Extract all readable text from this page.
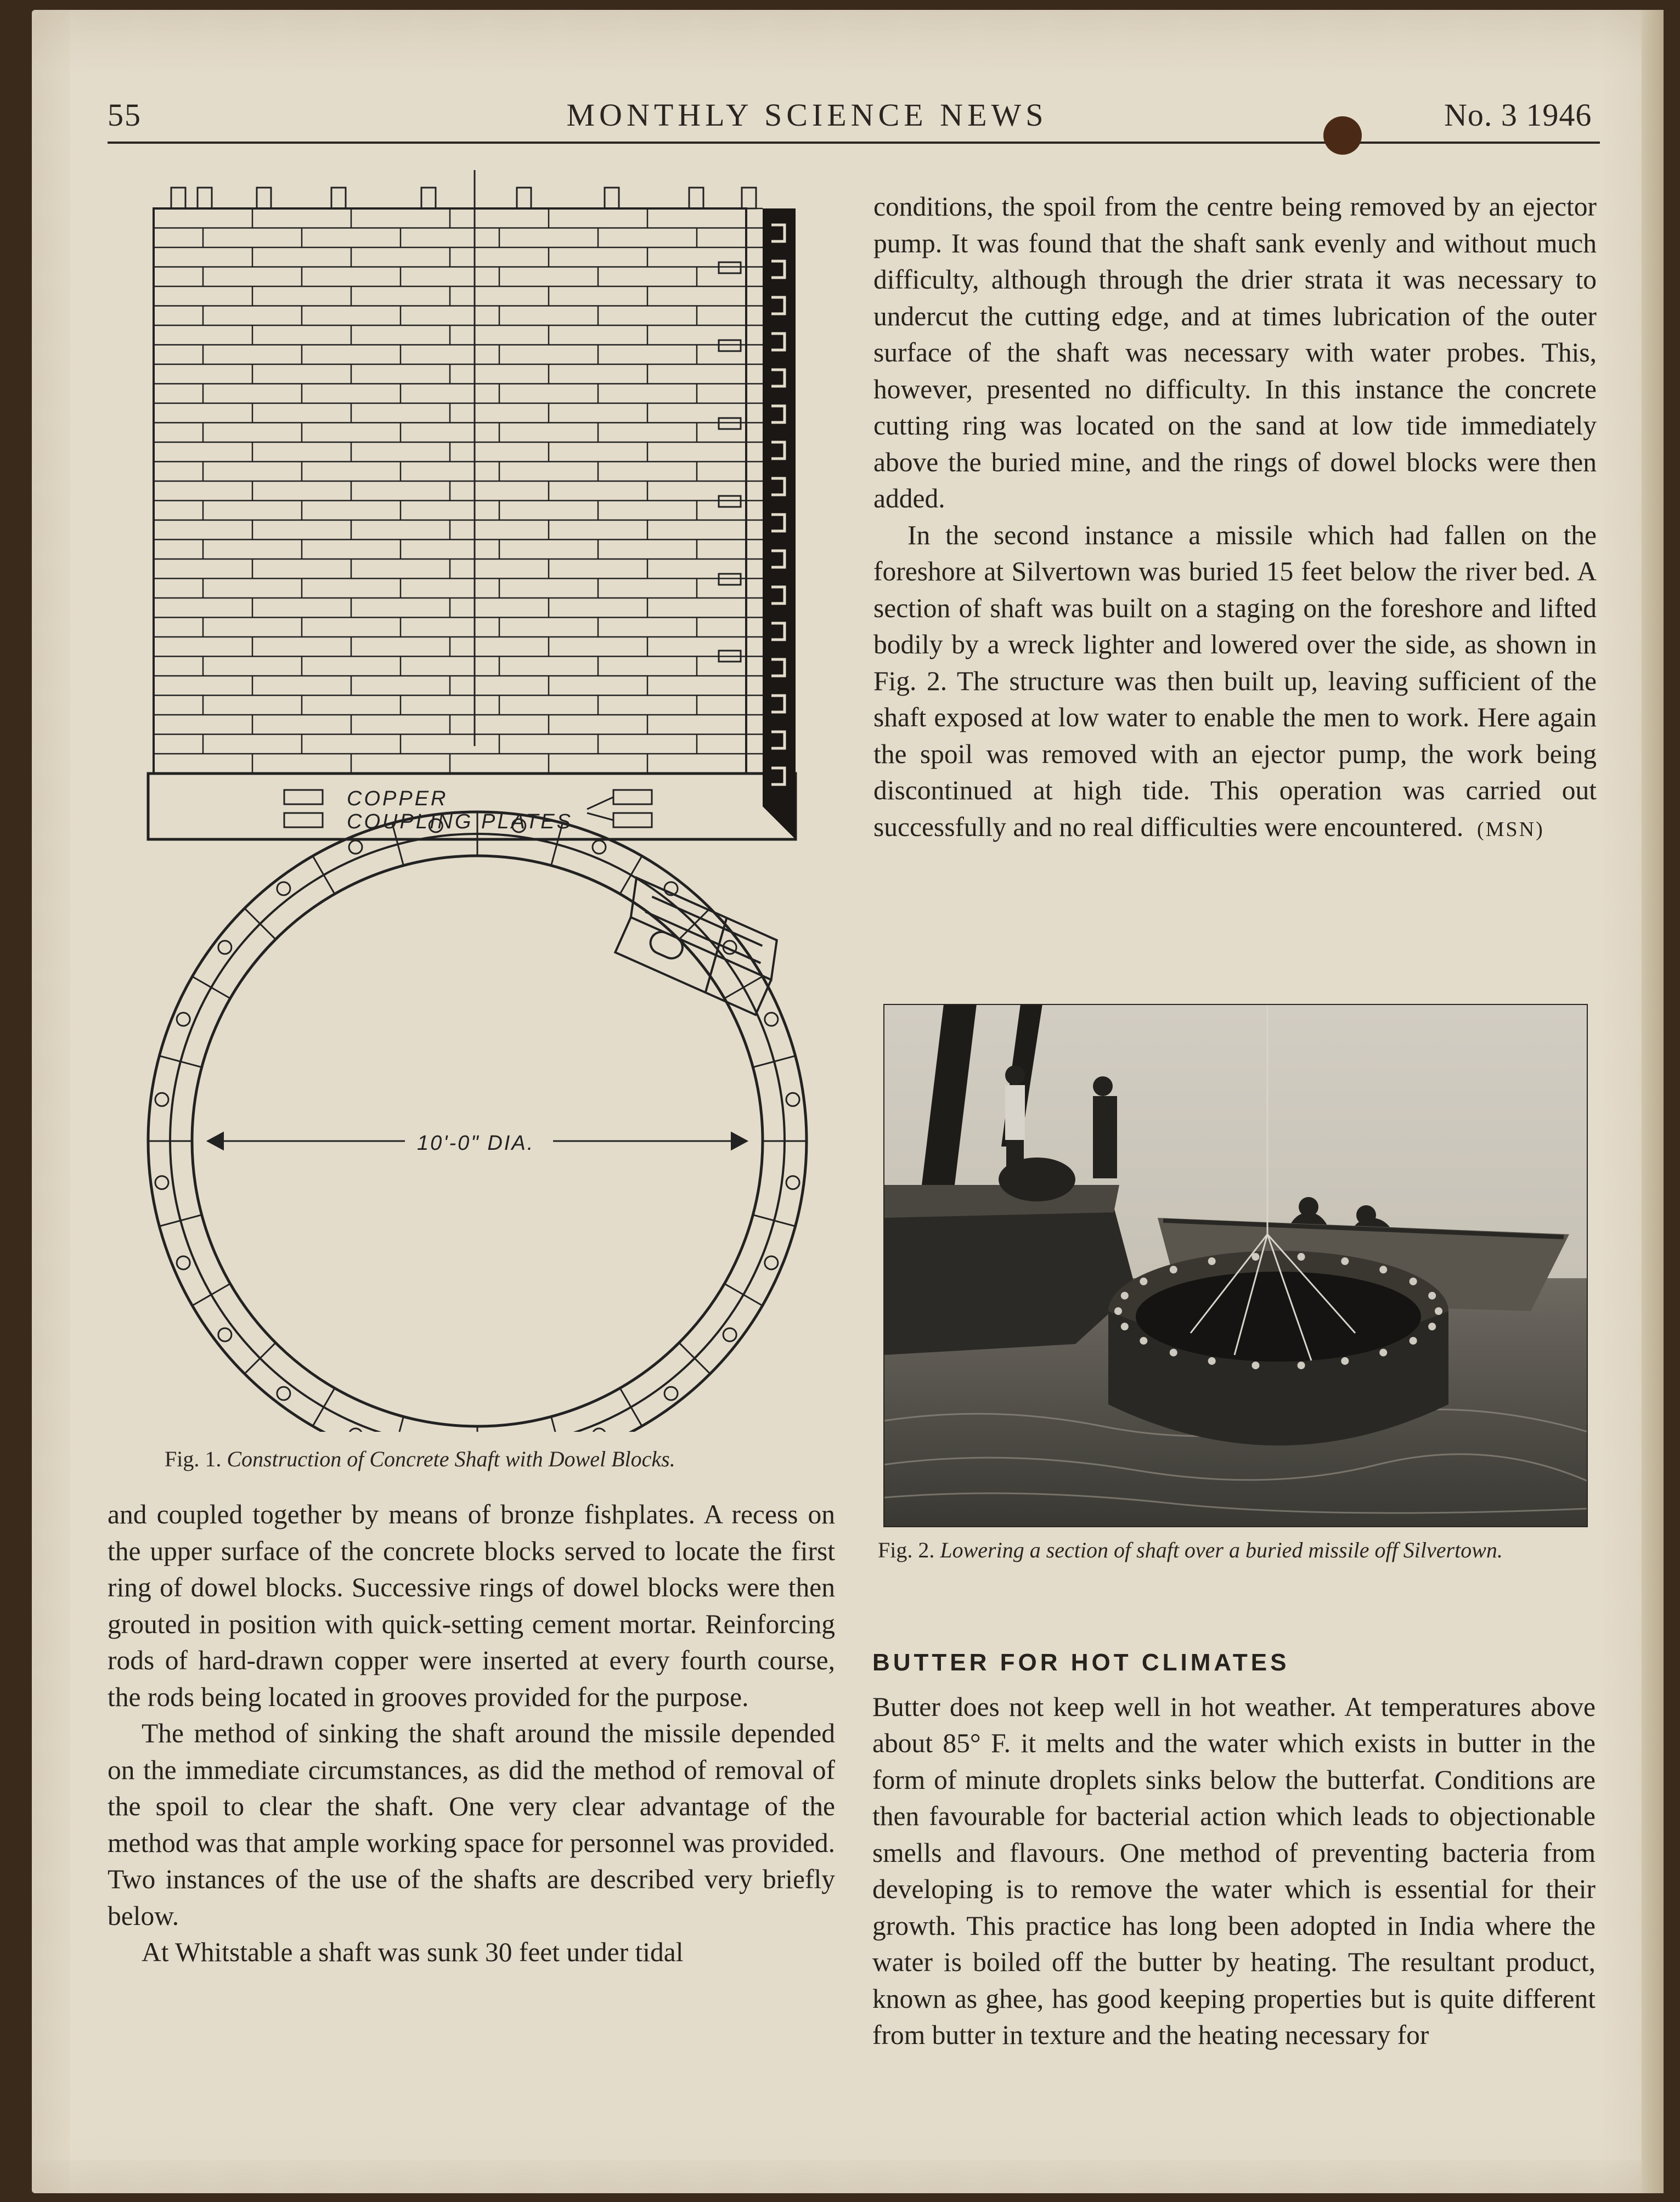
55	MONTHLY SCIENCE NEWS	No. 3 1946
COPPER
COUPLING PLATES
10'-0" DIA.
Fig. 1. Construction of Concrete Shaft with Dowel Blocks.
Fig. 2. Lowering a section of shaft over a buried missile off Silvertown.

and coupled together by means of bronze fishplates. A recess on the upper surface of the concrete blocks served to locate the first ring of dowel blocks. Successive rings of dowel blocks were then grouted in position with quick-setting cement mortar. Reinforcing rods of hard-drawn copper were inserted at every fourth course, the rods being located in grooves provided for the purpose.

The method of sinking the shaft around the missile depended on the immediate circumstances, as did the method of removal of the spoil to clear the shaft. One very clear advantage of the method was that ample working space for personnel was provided. Two instances of the use of the shafts are described very briefly below.

At Whitstable a shaft was sunk 30 feet under tidal

conditions, the spoil from the centre being removed by an ejector pump. It was found that the shaft sank evenly and without much difficulty, although through the drier strata it was necessary to undercut the cutting edge, and at times lubrication of the outer surface of the shaft was necessary with water probes. This, however, presented no difficulty. In this instance the concrete cutting ring was located on the sand at low tide immediately above the buried mine, and the rings of dowel blocks were then added.

In the second instance a missile which had fallen on the foreshore at Silvertown was buried 15 feet below the river bed. A section of shaft was built on a staging on the foreshore and lifted bodily by a wreck lighter and lowered over the side, as shown in Fig. 2. The structure was then built up, leaving sufficient of the shaft exposed at low water to enable the men to work. Here again the spoil was removed with an ejector pump, the work being discontinued at high tide. This operation was carried out successfully and no real difficulties were encountered. (MSN)

BUTTER FOR HOT CLIMATES

Butter does not keep well in hot weather. At temperatures above about 85° F. it melts and the water which exists in butter in the form of minute droplets sinks below the butterfat. Conditions are then favourable for bacterial action which leads to objectionable smells and flavours. One method of preventing bacteria from developing is to remove the water which is essential for their growth. This practice has long been adopted in India where the water is boiled off the butter by heating. The resultant product, known as ghee, has good keeping properties but is quite different from butter in texture and the heating necessary for
